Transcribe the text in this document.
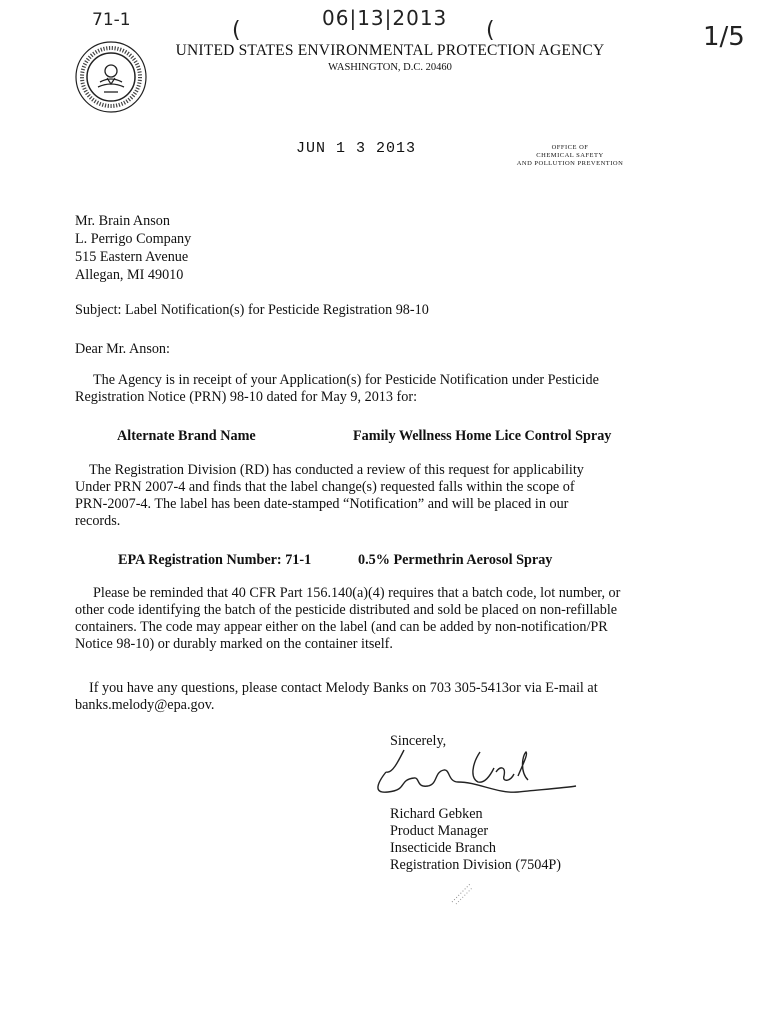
71-1	06|13|2013
1/5
(	(
UNITED STATES ENVIRONMENTAL PROTECTION AGENCY
WASHINGTON, D.C. 20460
JUN 1 3 2013	OFFICE OF
CHEMICAL SAFETY
AND POLLUTION PREVENTION
Mr. Brain Anson
L. Perrigo Company
515 Eastern Avenue
Allegan, MI 49010
Subject: Label Notification(s) for Pesticide Registration 98-10
Dear Mr. Anson:
The Agency is in receipt of your Application(s) for Pesticide Notification under Pesticide
Registration Notice (PRN) 98-10 dated for May 9, 2013 for:
Alternate Brand Name	Family Wellness Home Lice Control Spray
The Registration Division (RD) has conducted a review of this request for applicability
Under PRN 2007-4 and finds that the label change(s) requested falls within the scope of
PRN-2007-4. The label has been date-stamped “Notification” and will be placed in our
records.
EPA Registration Number: 71-1	0.5% Permethrin Aerosol Spray
Please be reminded that 40 CFR Part 156.140(a)(4) requires that a batch code, lot number, or
other code identifying the batch of the pesticide distributed and sold be placed on non-refillable
containers. The code may appear either on the label (and can be added by non-notification/PR
Notice 98-10) or durably marked on the container itself.
If you have any questions, please contact Melody Banks on 703 305-5413or via E-mail at
banks.melody@epa.gov.
Sincerely,
Richard Gebken
Product Manager
Insecticide Branch
Registration Division (7504P)
